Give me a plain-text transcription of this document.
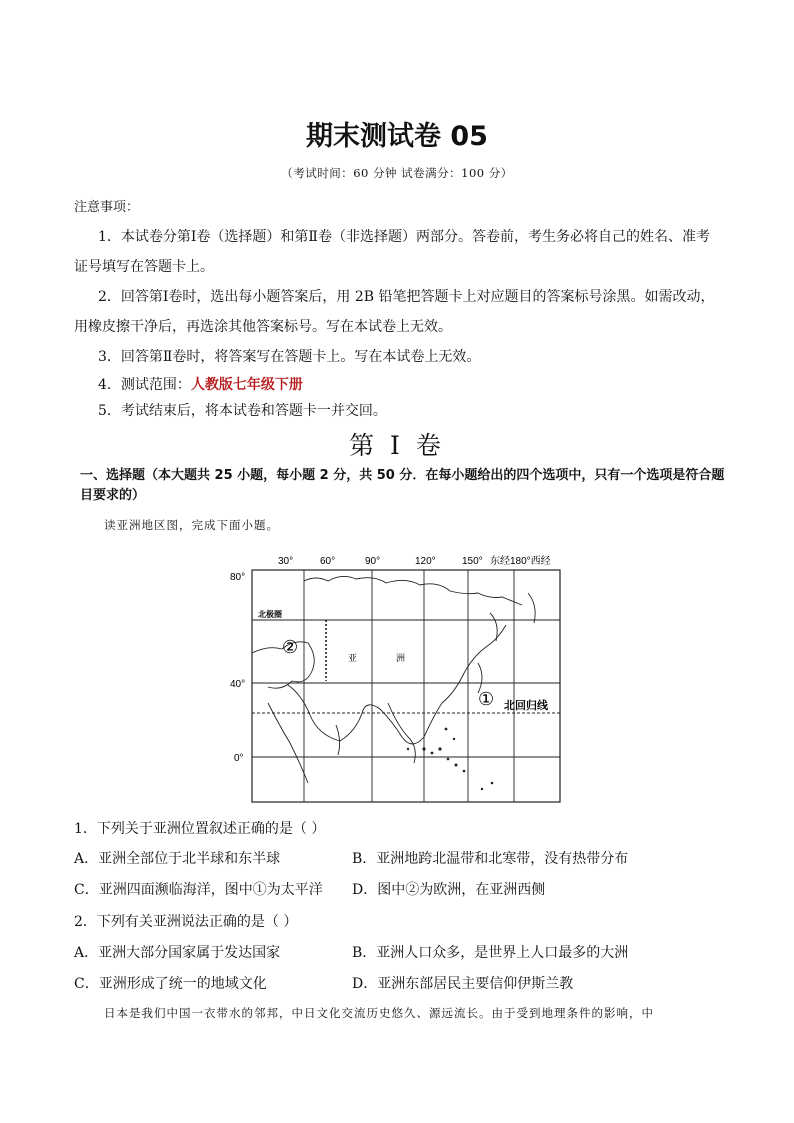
期末测试卷 05
（考试时间：60 分钟 试卷满分：100 分）
注意事项：
1．本试卷分第Ⅰ卷（选择题）和第Ⅱ卷（非选择题）两部分。答卷前，考生务必将自己的姓名、准考
证号填写在答题卡上。
2．回答第Ⅰ卷时，选出每小题答案后，用 2B 铅笔把答题卡上对应题目的答案标号涂黑。如需改动，
用橡皮擦干净后，再选涂其他答案标号。写在本试卷上无效。
3．回答第Ⅱ卷时，将答案写在答题卡上。写在本试卷上无效。
4．测试范围：人教版七年级下册
5．考试结束后，将本试卷和答题卡一并交回。
第 I 卷
一、选择题（本大题共 25 小题，每小题 2 分，共 50 分．在每小题给出的四个选项中，只有一个选项是符合题目要求的）
读亚洲地区图，完成下面小题。
30°	60°	90°	120°	150° 东经180°西经
80°
40°
0°
北极圈
②
亚	洲
① 北回归线
1．下列关于亚洲位置叙述正确的是（ ）
A．亚洲全部位于北半球和东半球	B．亚洲地跨北温带和北寒带，没有热带分布
C．亚洲四面濒临海洋，图中①为太平洋 D．图中②为欧洲，在亚洲西侧
2．下列有关亚洲说法正确的是（ ）
A．亚洲大部分国家属于发达国家	B．亚洲人口众多，是世界上人口最多的大洲
C．亚洲形成了统一的地域文化	D．亚洲东部居民主要信仰伊斯兰教
日本是我们中国一衣带水的邻邦，中日文化交流历史悠久、源远流长。由于受到地理条件的影响，中
